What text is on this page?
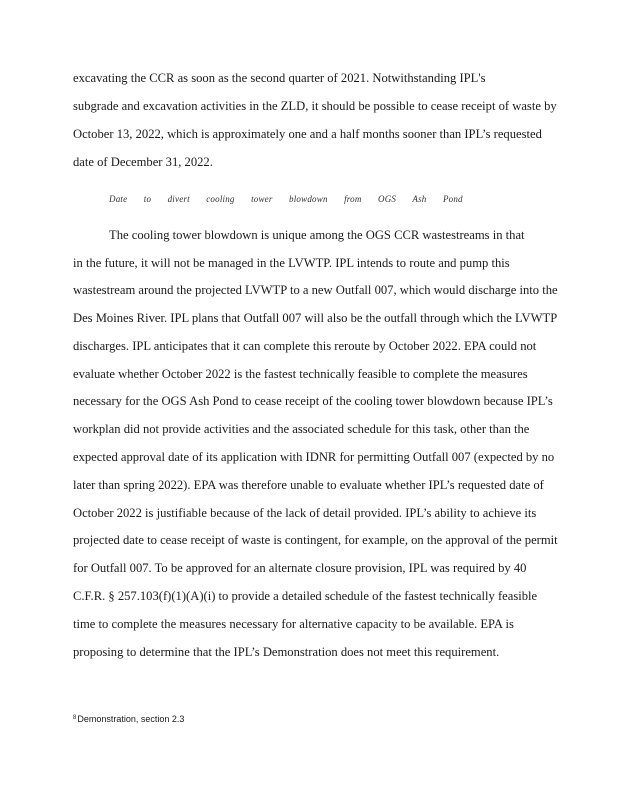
excavating the CCR as soon as the second quarter of 2021. Notwithstanding IPL's
subgrade and excavation activities in the ZLD, it should be possible to cease receipt of waste by
October 13, 2022, which is approximately one and a half months sooner than IPL’s requested
date of December 31, 2022.
Date to divert cooling tower blowdown from OGS Ash Pond
The cooling tower blowdown is unique among the OGS CCR wastestreams in that
in the future, it will not be managed in the LVWTP. IPL intends to route and pump this
wastestream around the projected LVWTP to a new Outfall 007, which would discharge into the
Des Moines River. IPL plans that Outfall 007 will also be the outfall through which the LVWTP
discharges. IPL anticipates that it can complete this reroute by October 2022. EPA could not
evaluate whether October 2022 is the fastest technically feasible to complete the measures
necessary for the OGS Ash Pond to cease receipt of the cooling tower blowdown because IPL’s
workplan did not provide activities and the associated schedule for this task, other than the
expected approval date of its application with IDNR for permitting Outfall 007 (expected by no
later than spring 2022). EPA was therefore unable to evaluate whether IPL’s requested date of
October 2022 is justifiable because of the lack of detail provided. IPL’s ability to achieve its
projected date to cease receipt of waste is contingent, for example, on the approval of the permit
for Outfall 007. To be approved for an alternate closure provision, IPL was required by 40
C.F.R. § 257.103(f)(1)(A)(i) to provide a detailed schedule of the fastest technically feasible
time to complete the measures necessary for alternative capacity to be available. EPA is
proposing to determine that the IPL’s Demonstration does not meet this requirement.
$^8$Demonstration, section 2.3
